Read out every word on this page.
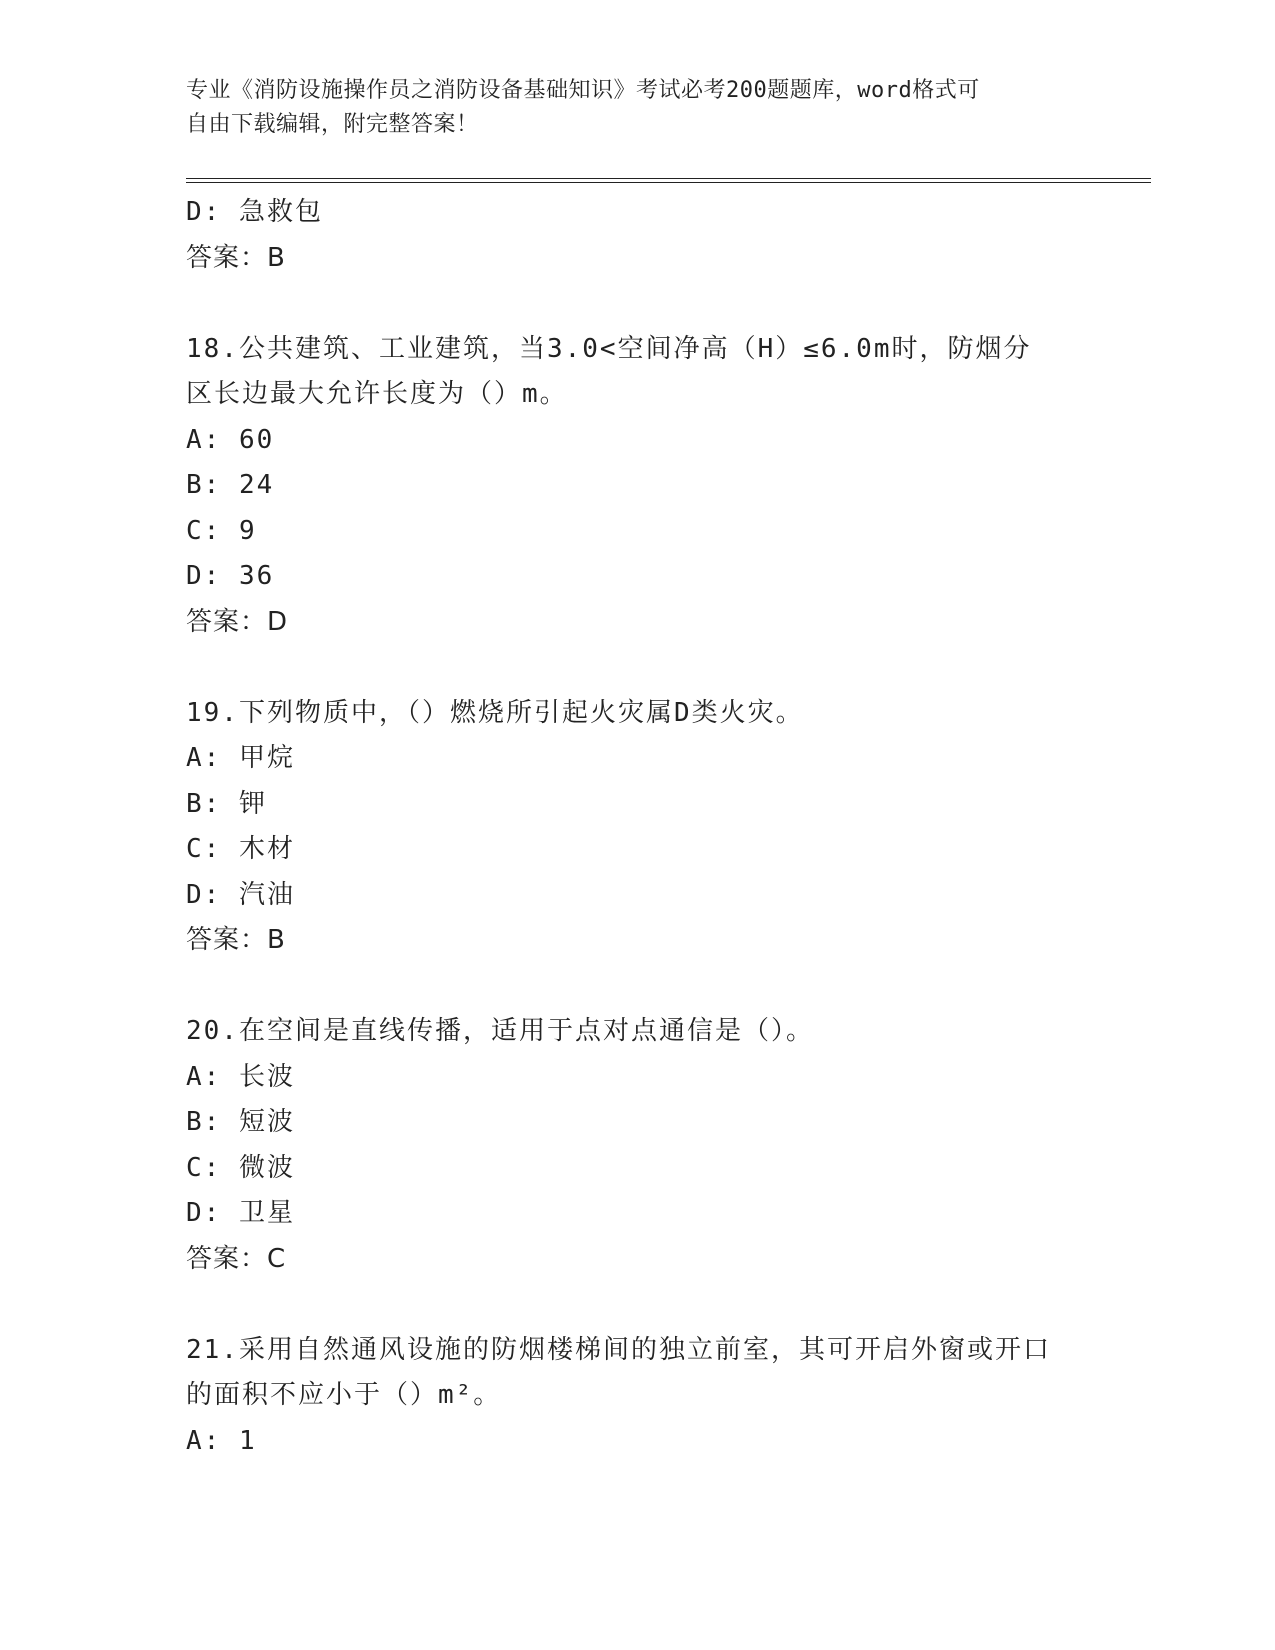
专业《消防设施操作员之消防设备基础知识》考试必考200题题库，word格式可
自由下载编辑，附完整答案！
D: 急救包
答案：B
18.公共建筑、工业建筑，当3.0<空间净高（H）≤6.0m时，防烟分
区长边最大允许长度为（）m。
A: 60
B: 24
C: 9
D: 36
答案：D
19.下列物质中，（）燃烧所引起火灾属D类火灾。
A: 甲烷
B: 钾
C: 木材
D: 汽油
答案：B
20.在空间是直线传播，适用于点对点通信是（）。
A: 长波
B: 短波
C: 微波
D: 卫星
答案：C
21.采用自然通风设施的防烟楼梯间的独立前室，其可开启外窗或开口
的面积不应小于（）m²。
A: 1
